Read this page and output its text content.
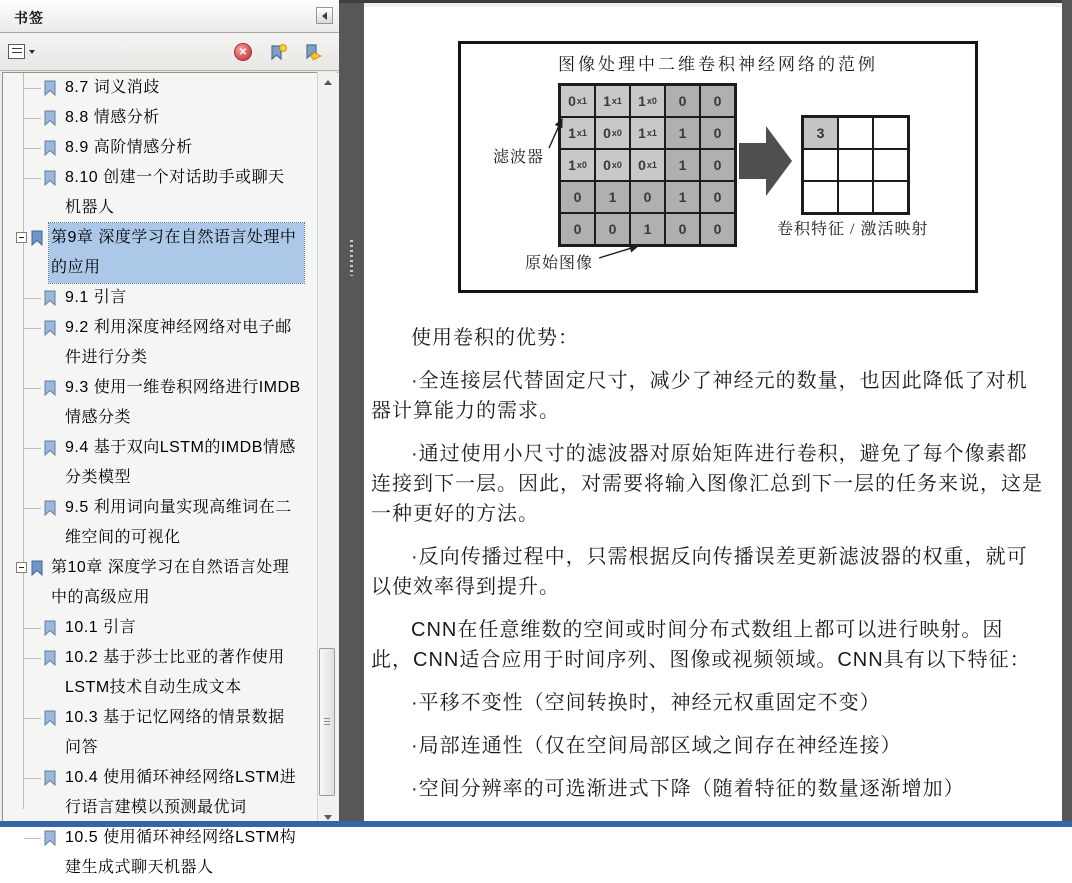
书签
✕
8.7 词义消歧
8.8 情感分析
8.9 高阶情感分析
8.10 创建一个对话助手或聊天机器人
第9章 深度学习在自然语言处理中的应用
9.1 引言
9.2 利用深度神经网络对电子邮件进行分类
9.3 使用一维卷积网络进行IMDB情感分类
9.4 基于双向LSTM的IMDB情感分类模型
9.5 利用词向量实现高维词在二维空间的可视化
第10章 深度学习在自然语言处理中的高级应用
10.1 引言
10.2 基于莎士比亚的著作使用LSTM技术自动生成文本
10.3 基于记忆网络的情景数据问答
10.4 使用循环神经网络LSTM进行语言建模以预测最优词
10.5 使用循环神经网络LSTM构建生成式聊天机器人
图像处理中二维卷积神经网络的范例
0 x1 1 x1 1 x0 0 0
1 x1 0 x0 1 x1 1 0
1 x0 0 x0 0 x1 1 0
0 1 0 1 0
0 0 1 0 0
3
滤波器
原始图像
卷积特征 / 激活映射

使用卷积的优势：

·全连接层代替固定尺寸，减少了神经元的数量，也因此降低了对机器计算能力的需求。

·通过使用小尺寸的滤波器对原始矩阵进行卷积，避免了每个像素都连接到下一层。因此，对需要将输入图像汇总到下一层的任务来说，这是一种更好的方法。

·反向传播过程中，只需根据反向传播误差更新滤波器的权重，就可以使效率得到提升。

CNN在任意维数的空间或时间分布式数组上都可以进行映射。因此，CNN适合应用于时间序列、图像或视频领域。CNN具有以下特征：

·平移不变性（空间转换时，神经元权重固定不变）

·局部连通性（仅在空间局部区域之间存在神经连接）

·空间分辨率的可选渐进式下降（随着特征的数量逐渐增加）
